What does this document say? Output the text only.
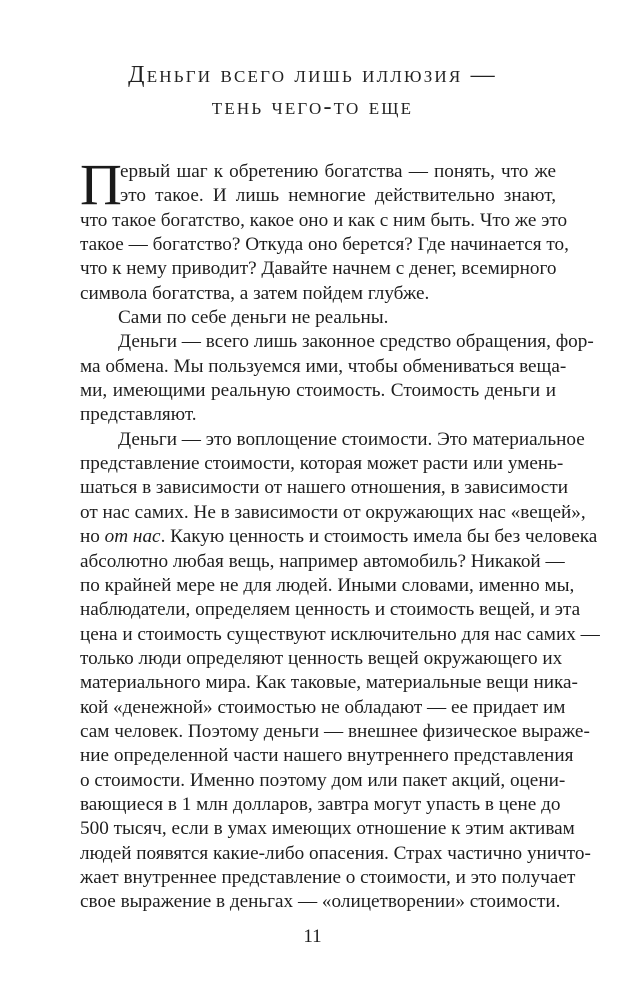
Деньги всего лишь иллюзия —
тень чего-то еще
П
ервый шаг к обретению богатства — понять, что же
это такое. И лишь немногие действительно знают,
что такое богатство, какое оно и как с ним быть. Что же это
такое — богатство? Откуда оно берется? Где начинается то,
что к нему приводит? Давайте начнем с денег, всемирного
символа богатства, а затем пойдем глубже.
Сами по себе деньги не реальны.
Деньги — всего лишь законное средство обращения, фор-
ма обмена. Мы пользуемся ими, чтобы обмениваться веща-
ми, имеющими реальную стоимость. Стоимость деньги и
представляют.
Деньги — это воплощение стоимости. Это материальное
представление стоимости, которая может расти или умень-
шаться в зависимости от нашего отношения, в зависимости
от нас самих. Не в зависимости от окружающих нас «вещей»,
но от нас. Какую ценность и стоимость имела бы без человека
абсолютно любая вещь, например автомобиль? Никакой —
по крайней мере не для людей. Иными словами, именно мы,
наблюдатели, определяем ценность и стоимость вещей, и эта
цена и стоимость существуют исключительно для нас самих —
только люди определяют ценность вещей окружающего их
материального мира. Как таковые, материальные вещи ника-
кой «денежной» стоимостью не обладают — ее придает им
сам человек. Поэтому деньги — внешнее физическое выраже-
ние определенной части нашего внутреннего представления
о стоимости. Именно поэтому дом или пакет акций, оцени-
вающиеся в 1 млн долларов, завтра могут упасть в цене до
500 тысяч, если в умах имеющих отношение к этим активам
людей появятся какие-либо опасения. Страх частично уничто-
жает внутреннее представление о стоимости, и это получает
свое выражение в деньгах — «олицетворении» стоимости.
11
